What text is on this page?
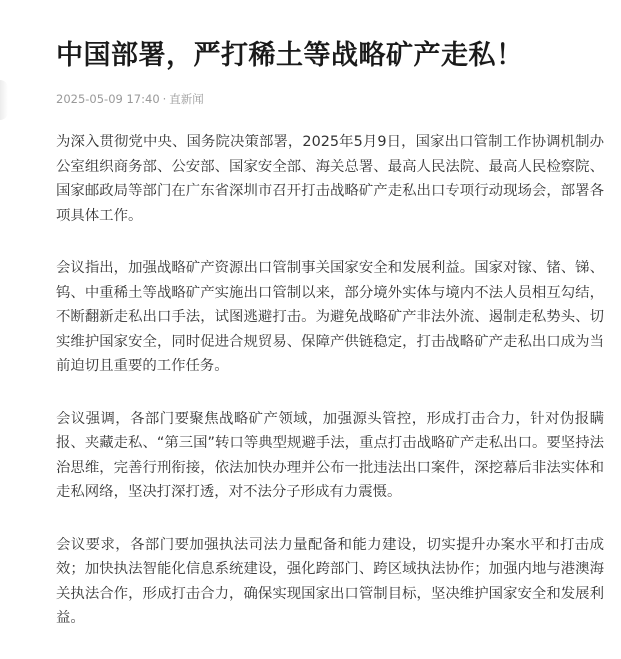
中国部署，严打稀土等战略矿产走私！
2025-05-09 17:40 · 直新闻

为深入贯彻党中央、国务院决策部署，2025年5月9日，国家出口管制工作协调机制办公室组织商务部、公安部、国家安全部、海关总署、最高人民法院、最高人民检察院、国家邮政局等部门在广东省深圳市召开打击战略矿产走私出口专项行动现场会，部署各项具体工作。

会议指出，加强战略矿产资源出口管制事关国家安全和发展利益。国家对镓、锗、锑、钨、中重稀土等战略矿产实施出口管制以来，部分境外实体与境内不法人员相互勾结，不断翻新走私出口手法，试图逃避打击。为避免战略矿产非法外流、遏制走私势头、切实维护国家安全，同时促进合规贸易、保障产供链稳定，打击战略矿产走私出口成为当前迫切且重要的工作任务。

会议强调，各部门要聚焦战略矿产领域，加强源头管控，形成打击合力，针对伪报瞒报、夹藏走私、“第三国”转口等典型规避手法，重点打击战略矿产走私出口。要坚持法治思维，完善行刑衔接，依法加快办理并公布一批违法出口案件，深挖幕后非法实体和走私网络，坚决打深打透，对不法分子形成有力震慑。

会议要求，各部门要加强执法司法力量配备和能力建设，切实提升办案水平和打击成效；加快执法智能化信息系统建设，强化跨部门、跨区域执法协作；加强内地与港澳海关执法合作，形成打击合力，确保实现国家出口管制目标，坚决维护国家安全和发展利益。
